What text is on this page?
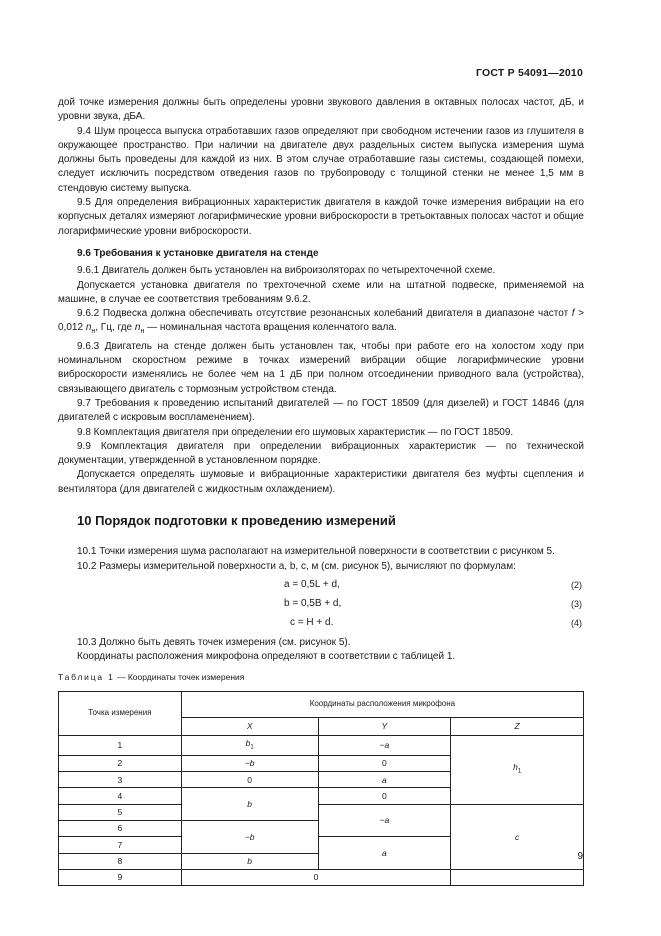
ГОСТ Р 54091—2010

дой точке измерения должны быть определены уровни звукового давления в октавных полосах частот, дБ, и уровни звука, дБА.

9.4 Шум процесса выпуска отработавших газов определяют при свободном истечении газов из глушителя в окружающее пространство. При наличии на двигателе двух раздельных систем выпуска измерения шума должны быть проведены для каждой из них. В этом случае отработавшие газы системы, создающей помехи, следует исключить посредством отведения газов по трубопроводу с толщиной стенки не менее 1,5 мм в стендовую систему выпуска.

9.5 Для определения вибрационных характеристик двигателя в каждой точке измерения вибрации на его корпусных деталях измеряют логарифмические уровни виброскорости в третьоктавных полосах частот и общие логарифмические уровни виброскорости.

9.6 Требования к установке двигателя на стенде

9.6.1 Двигатель должен быть установлен на виброизоляторах по четырехточечной схеме.

Допускается установка двигателя по трехточечной схеме или на штатной подвеске, применяемой на машине, в случае ее соответствия требованиям 9.6.2.

9.6.2 Подвеска должна обеспечивать отсутствие резонансных колебаний двигателя в диапазоне частот f > 0,012 $n_н$, Гц, где $n_н$ — номинальная частота вращения коленчатого вала.

9.6.3 Двигатель на стенде должен быть установлен так, чтобы при работе его на холостом ходу при номинальном скоростном режиме в точках измерений вибрации общие логарифмические уровни виброскорости изменялись не более чем на 1 дБ при полном отсоединении приводного вала (устройства), связывающего двигатель с тормозным устройством стенда.

9.7 Требования к проведению испытаний двигателей — по ГОСТ 18509 (для дизелей) и ГОСТ 14846 (для двигателей с искровым воспламенением).

9.8 Комплектация двигателя при определении его шумовых характеристик — по ГОСТ 18509.

9.9 Комплектация двигателя при определении вибрационных характеристик — по технической документации, утвержденной в установленном порядке.

Допускается определять шумовые и вибрационные характеристики двигателя без муфты сцепления и вентилятора (для двигателей с жидкостным охлаждением).

10 Порядок подготовки к проведению измерений

10.1 Точки измерения шума располагают на измерительной поверхности в соответствии с рисунком 5.

10.2 Размеры измерительной поверхности a, b, c, м (см. рисунок 5), вычисляют по формулам:

a = 0,5L + d,	(2)
b = 0,5B + d,	(3)
c = H + d.	(4)

10.3 Должно быть девять точек измерения (см. рисунок 5).

Координаты расположения микрофона определяют в соответствии с таблицей 1.

Таблица 1 — Координаты точек измерения

Точка измерения	Координаты расположения микрофона		
	X	Y	Z
1	$b_1$	−a	$h_1$
2	−b	0	
3	0	a	
4	b	0	
5		−a	c
6	−b		
7		a	
8	b		
9	0		
9
